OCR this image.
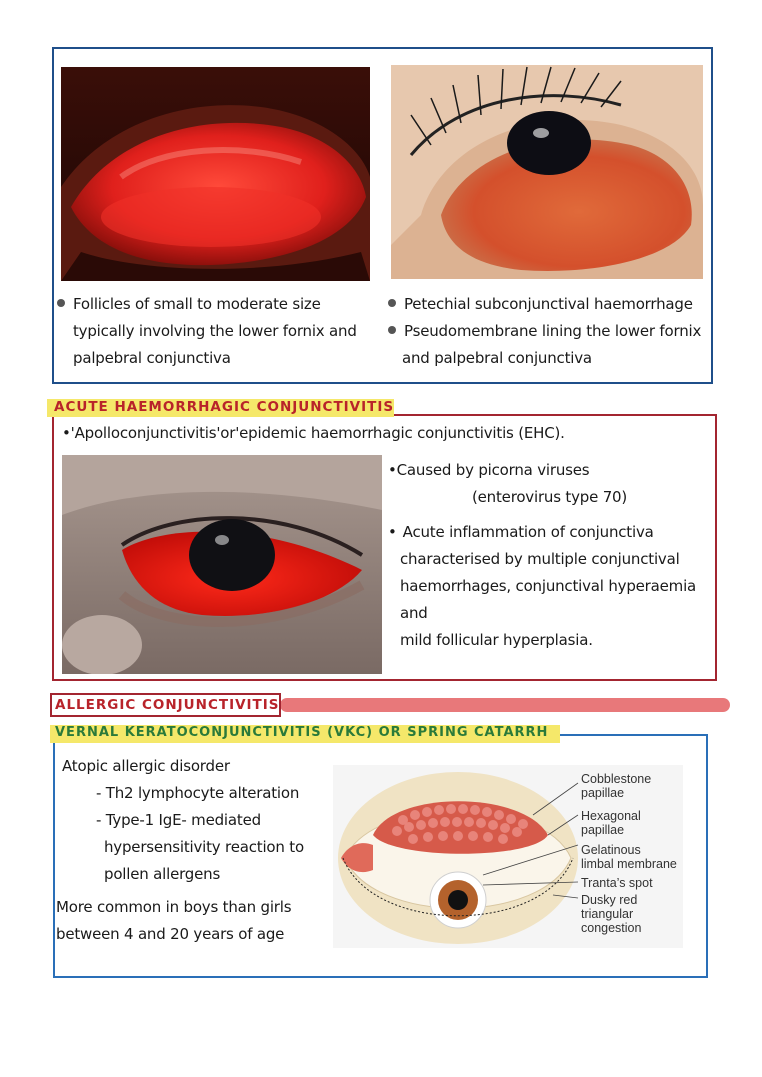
Follicles of small to moderate size
typically involving the lower fornix and
palpebral conjunctiva
Petechial subconjunctival haemorrhage
Pseudomembrane lining the lower fornix
and palpebral conjunctiva
ACUTE HAEMORRHAGIC CONJUNCTIVITIS
•'Apolloconjunctivitis'or'epidemic haemorrhagic conjunctivitis (EHC).
•Caused by picorna viruses
(enterovirus type 70)
• Acute inflammation of conjunctiva
characterised by multiple conjunctival
haemorrhages, conjunctival hyperaemia and
mild follicular hyperplasia.
ALLERGIC CONJUNCTIVITIS
VERNAL KERATOCONJUNCTIVITIS (VKC) OR SPRING CATARRH
Atopic allergic disorder
- Th2 lymphocyte alteration
- Type-1 IgE- mediated
hypersensitivity reaction to
pollen allergens
More common in boys than girls
between 4 and 20 years of age
Cobblestone
papillae
Hexagonal
papillae
Gelatinous
limbal membrane
Tranta’s spot
Dusky red
triangular
congestion
